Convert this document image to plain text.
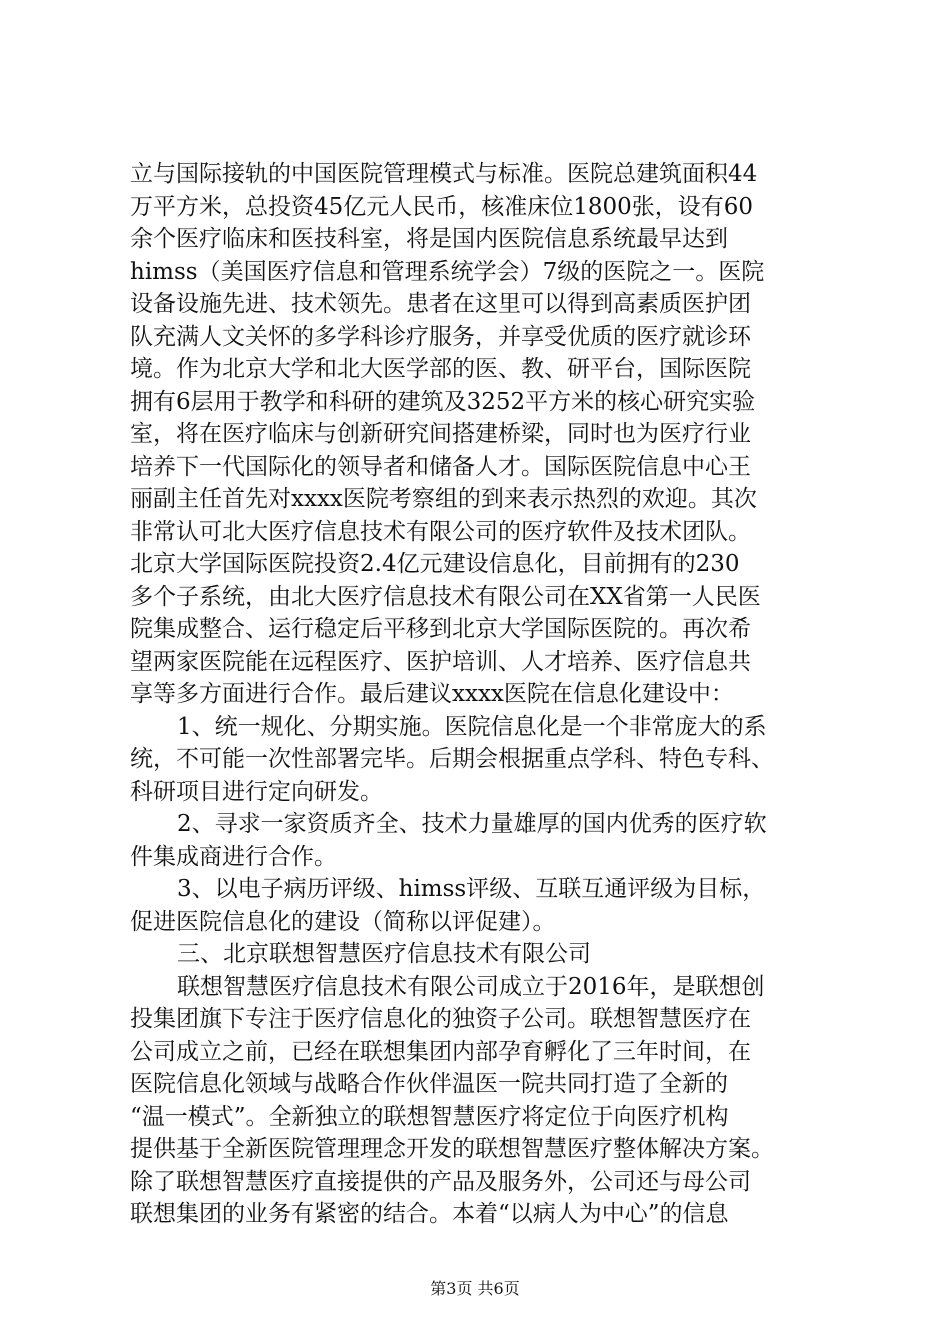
立与国际接轨的中国医院管理模式与标准。医院总建筑面积44
万平方米，总投资45亿元人民币，核准床位1800张，设有60
余个医疗临床和医技科室，将是国内医院信息系统最早达到
himss（美国医疗信息和管理系统学会）7级的医院之一。医院
设备设施先进、技术领先。患者在这里可以得到高素质医护团
队充满人文关怀的多学科诊疗服务，并享受优质的医疗就诊环
境。作为北京大学和北大医学部的医、教、研平台，国际医院
拥有6层用于教学和科研的建筑及3252平方米的核心研究实验
室，将在医疗临床与创新研究间搭建桥梁，同时也为医疗行业
培养下一代国际化的领导者和储备人才。国际医院信息中心王
丽副主任首先对xxxx医院考察组的到来表示热烈的欢迎。其次
非常认可北大医疗信息技术有限公司的医疗软件及技术团队。
北京大学国际医院投资2.4亿元建设信息化，目前拥有的230
多个子系统，由北大医疗信息技术有限公司在XX省第一人民医
院集成整合、运行稳定后平移到北京大学国际医院的。再次希
望两家医院能在远程医疗、医护培训、人才培养、医疗信息共
享等多方面进行合作。最后建议xxxx医院在信息化建设中：
1、统一规化、分期实施。医院信息化是一个非常庞大的系
统，不可能一次性部署完毕。后期会根据重点学科、特色专科、
科研项目进行定向研发。
2、寻求一家资质齐全、技术力量雄厚的国内优秀的医疗软
件集成商进行合作。
3、以电子病历评级、himss评级、互联互通评级为目标，
促进医院信息化的建设（简称以评促建）。
三、北京联想智慧医疗信息技术有限公司
联想智慧医疗信息技术有限公司成立于2016年，是联想创
投集团旗下专注于医疗信息化的独资子公司。联想智慧医疗在
公司成立之前，已经在联想集团内部孕育孵化了三年时间，在
医院信息化领域与战略合作伙伴温医一院共同打造了全新的
“温一模式”。全新独立的联想智慧医疗将定位于向医疗机构
提供基于全新医院管理理念开发的联想智慧医疗整体解决方案。
除了联想智慧医疗直接提供的产品及服务外，公司还与母公司
联想集团的业务有紧密的结合。本着“以病人为中心”的信息
第3页 共6页
